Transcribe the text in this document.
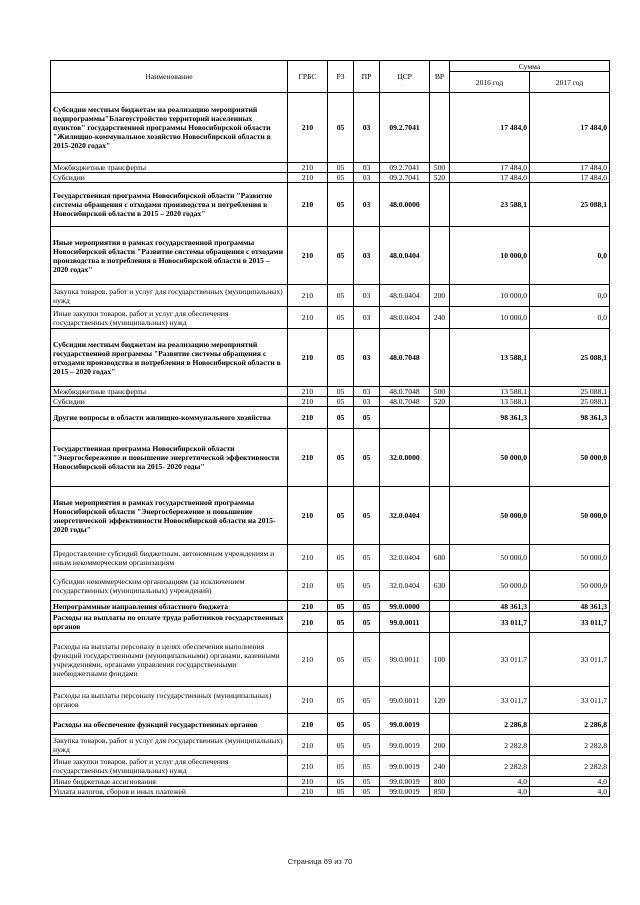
Наименование	ГРБС	РЗ	ПР	ЦСР	ВР	Сумма	
						2016 год	2017 год
Субсидии местным бюджетам на реализацию мероприятий подпрограммы"Благоустройство территорий населенных пунктов" государственной программы Новосибирской области "Жилищно-коммунальное хозяйство Новосибирской области в 2015-2020 годах"	210	05	03	09.2.7041		17 484,0	17 484,0
Межбюджетные трансферты	210	05	03	09.2.7041	500	17 484,0	17 484,0
Субсидии	210	05	03	09.2.7041	520	17 484,0	17 484,0
Государственная программа Новосибирской области "Развитие системы обращения с отходами производства и потребления в Новосибирской области в 2015 – 2020 годах"	210	05	03	48.0.0000		23 588,1	25 088,1
Иные мероприятия в рамках государственной программы Новосибирской области "Развитие системы обращения с отходами производства в потребления в Новосибирской области в 2015 – 2020 годах"	210	05	03	48.0.0404		10 000,0	0,0
Закупка товаров, работ и услуг для государственных (муниципальных) нужд	210	05	03	48.0.0404	200	10 000,0	0,0
Иные закупки товаров, работ и услуг для обеспечения государственных (муниципальных) нужд	210	05	03	48.0.0404	240	10 000,0	0,0
Субсидии местным бюджетам на реализацию мероприятий государственной программы "Развитие системы обращения с отходами производства и потребления в Новосибирской области в 2015 – 2020 годах"	210	05	03	48.0.7048		13 588,1	25 088,1
Межбюджетные трансферты	210	05	03	48.0.7048	500	13 588,1	25 088,1
Субсидии	210	05	03	48.0.7048	520	13 588,1	25 088,1
Другие вопросы в области жилищно-коммунального хозяйства	210	05	05			98 361,3	98 361,3
Государственная программа Новосибирской области "Энергосбережение и повышение энергетической эффективности Новосибирской области на 2015- 2020 годы"	210	05	05	32.0.0000		50 000,0	50 000,0
Иные мероприятия в рамках государственной программы Новосибирской области "Энергосбережение и повышение энергетической эффективности Новосибирской области на 2015- 2020 годы"	210	05	05	32.0.0404		50 000,0	50 000,0
Предоставление субсидий бюджетным, автономным учреждениям и иным некоммерческим организациям	210	05	05	32.0.0404	600	50 000,0	50 000,0
Субсидии некоммерческим организациям (за исключением государственных (муниципальных) учреждений)	210	05	05	32.0.0404	630	50 000,0	50 000,0
Непрограммные направления областного бюджета	210	05	05	99.0.0000		48 361,3	48 361,3
Расходы на выплаты по оплате труда работников государственных органов	210	05	05	99.0.0011		33 011,7	33 011,7
Расходы на выплаты персоналу в целях обеспечения выполнения функций государственными (муниципальными) органами, казенными учреждениями, органами управления государственными внебюджетными фондами	210	05	05	99.0.0011	100	33 011,7	33 011,7
Расходы на выплаты персоналу государственных (муниципальных) органов	210	05	05	99.0.0011	120	33 011,7	33 011,7
Расходы на обеспечение функций государственных органов	210	05	05	99.0.0019		2 286,8	2 286,8
Закупка товаров, работ и услуг для государственных (муниципальных) нужд	210	05	05	99.0.0019	200	2 282,8	2 282,8
Иные закупки товаров, работ и услуг для обеспечения государственных (муниципальных) нужд	210	05	05	99.0.0019	240	2 282,8	2 282,8
Иные бюджетные ассигнования	210	05	05	99.0.0019	800	4,0	4,0
Уплата налогов, сборов и иных платежей	210	05	05	99.0.0019	850	4,0	4,0
Страница 69 из 70
